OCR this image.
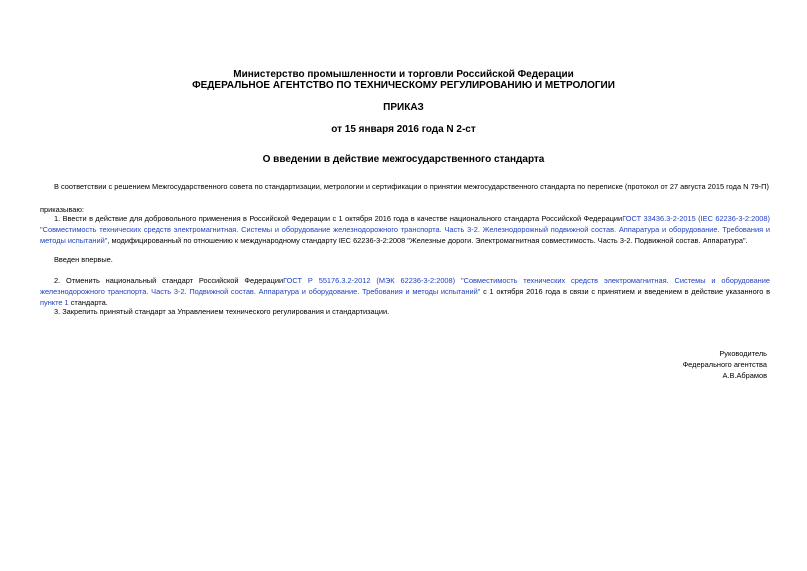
Министерство промышленности и торговли Российской Федерации
ФЕДЕРАЛЬНОЕ АГЕНТСТВО ПО ТЕХНИЧЕСКОМУ РЕГУЛИРОВАНИЮ И МЕТРОЛОГИИ
ПРИКАЗ
от 15 января 2016 года N 2-ст
О введении в действие межгосударственного стандарта
В соответствии с решением Межгосударственного совета по стандартизации, метрологии и сертификации о принятии межгосударственного стандарта по переписке (протокол от 27 августа 2015 года N 79-П)
приказываю:
1. Ввести в действие для добровольного применения в Российской Федерации с 1 октября 2016 года в качестве национального стандарта Российской ФедерацииГОСТ 33436.3-2-2015 (IEC 62236-3-2:2008) "Совместимость технических средств электромагнитная. Системы и оборудование железнодорожного транспорта. Часть 3-2. Железнодорожный подвижной состав. Аппаратура и оборудование. Требования и методы испытаний", модифицированный по отношению к международному стандарту IEC 62236-3-2:2008 "Железные дороги. Электромагнитная совместимость. Часть 3-2. Подвижной состав. Аппаратура".
Введен впервые.
2. Отменить национальный стандарт Российской ФедерацииГОСТ Р 55176.3.2-2012 (МЭК 62236-3-2:2008) "Совместимость технических средств электромагнитная. Системы и оборудование железнодорожного транспорта. Часть 3-2. Подвижной состав. Аппаратура и оборудование. Требования и методы испытаний" с 1 октября 2016 года в связи с принятием и введением в действие указанного в пункте 1 стандарта.
3. Закрепить принятый стандарт за Управлением технического регулирования и стандартизации.
Руководитель
Федерального агентства
А.В.Абрамов
